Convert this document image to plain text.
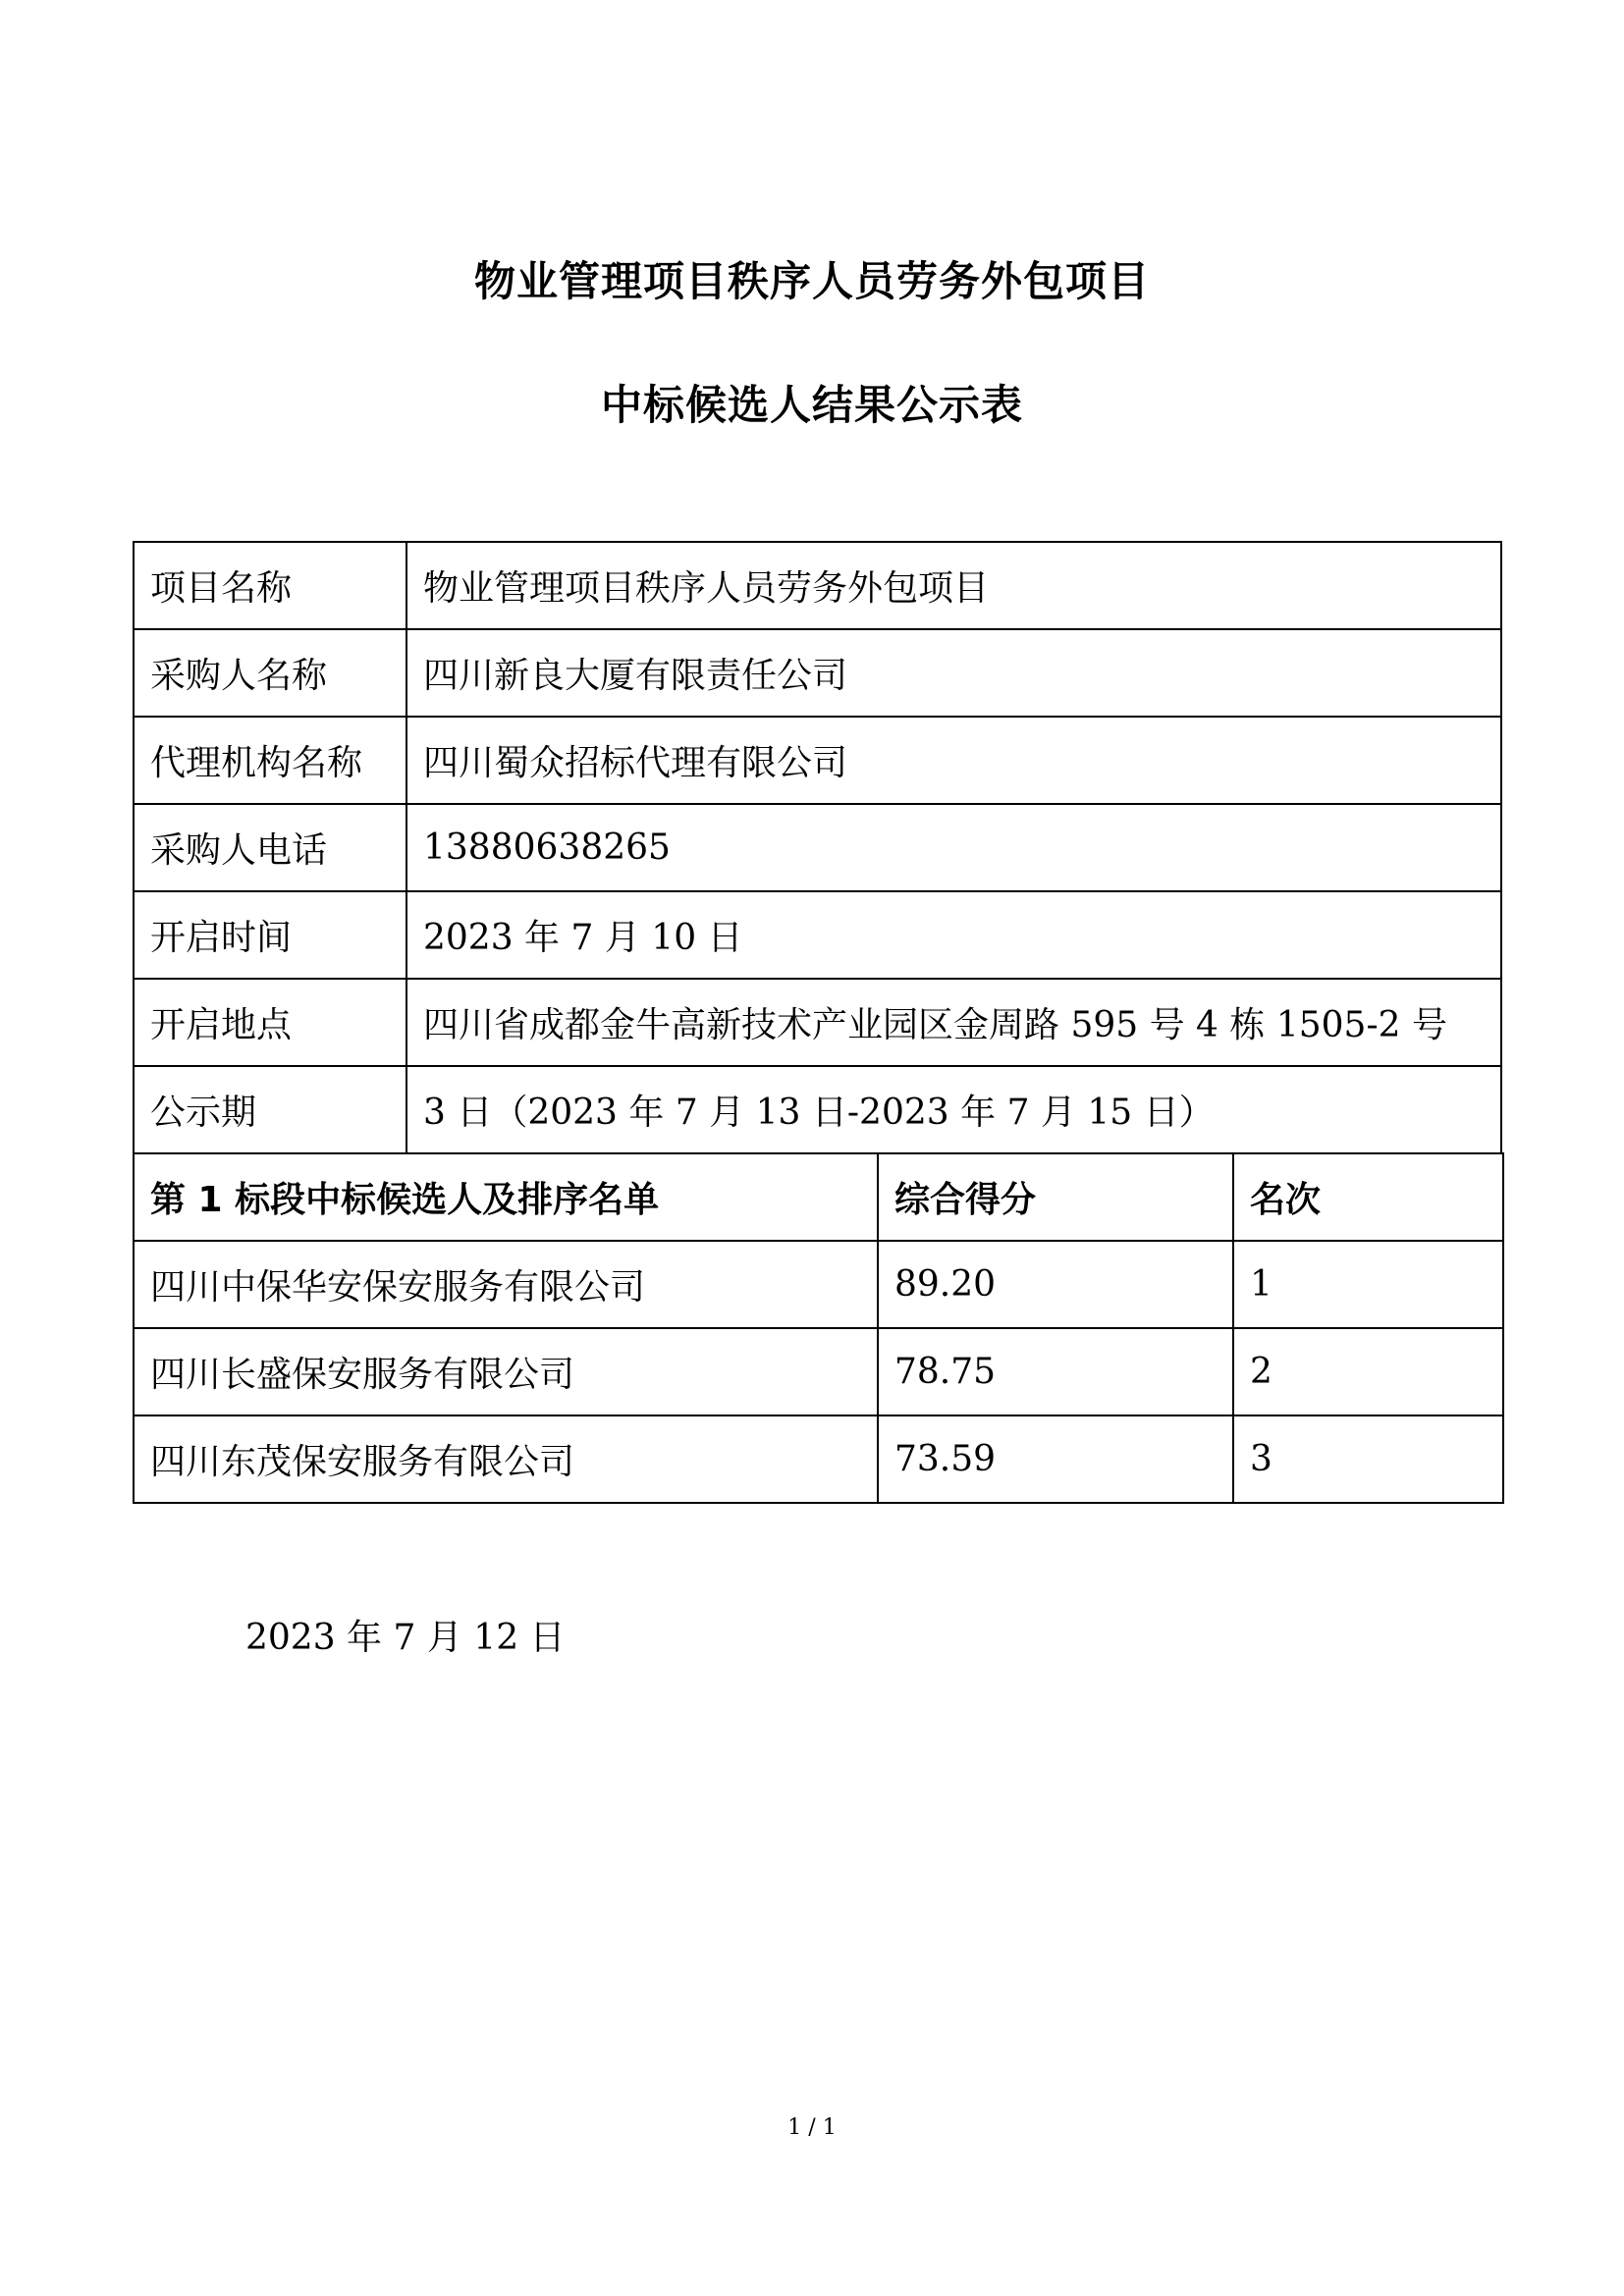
物业管理项目秩序人员劳务外包项目
中标候选人结果公示表
项目名称	物业管理项目秩序人员劳务外包项目
采购人名称	四川新良大厦有限责任公司
代理机构名称	四川蜀众招标代理有限公司
采购人电话	13880638265
开启时间	2023 年 7 月 10 日
开启地点	四川省成都金牛高新技术产业园区金周路 595 号 4 栋 1505-2 号
公示期	3 日（2023 年 7 月 13 日-2023 年 7 月 15 日）
第 1 标段中标候选人及排序名单	综合得分	名次
四川中保华安保安服务有限公司	89.20	1
四川长盛保安服务有限公司	78.75	2
四川东茂保安服务有限公司	73.59	3
2023 年 7 月 12 日
1 / 1
